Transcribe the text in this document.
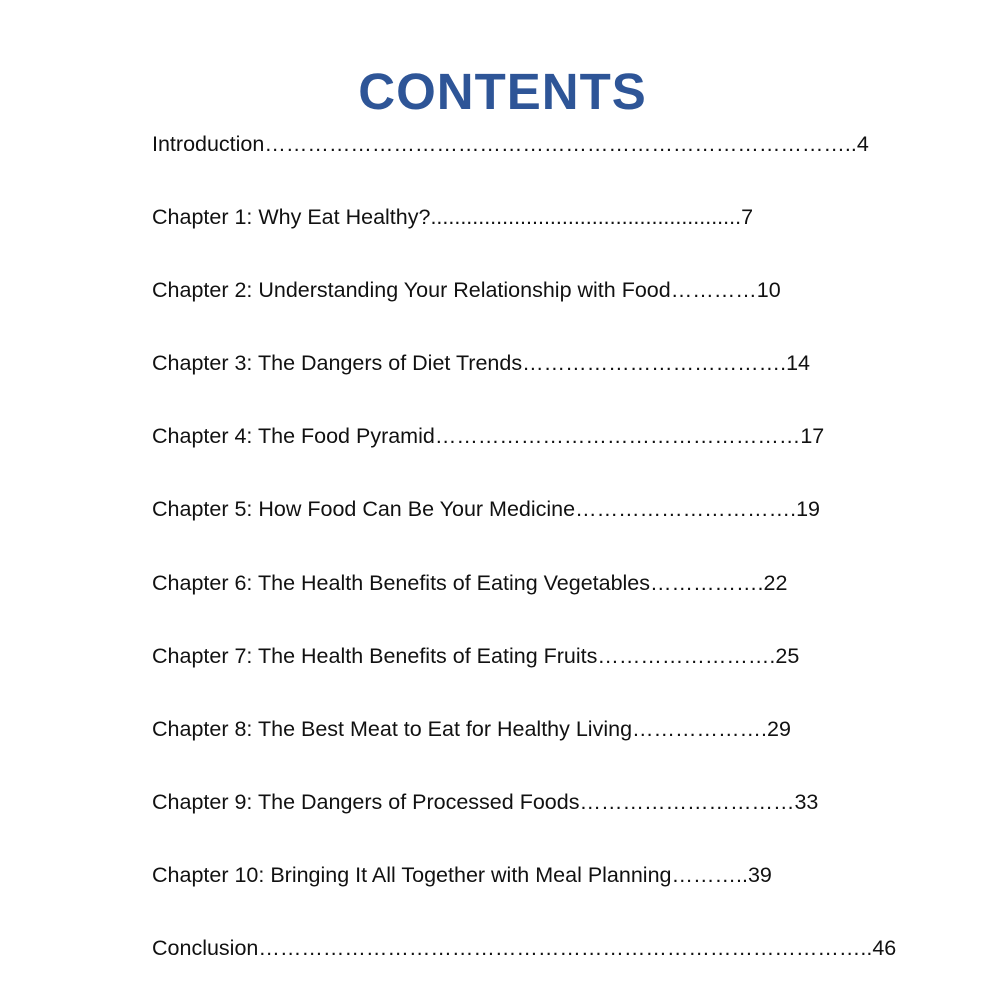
CONTENTS
Introduction………………………………………………………………………..4
Chapter 1: Why Eat Healthy?....................................................7
Chapter 2: Understanding Your Relationship with Food…………10
Chapter 3: The Dangers of Diet Trends……………………………….14
Chapter 4: The Food Pyramid……………………………………………17
Chapter 5: How Food Can Be Your Medicine………………………….19
Chapter 6: The Health Benefits of Eating Vegetables…………….22
Chapter 7: The Health Benefits of Eating Fruits…………………….25
Chapter 8: The Best Meat to Eat for Healthy Living……………….29
Chapter 9: The Dangers of Processed Foods…………………………33
Chapter 10: Bringing It All Together with Meal Planning………..39
Conclusion…………………………………………………………………………..46
